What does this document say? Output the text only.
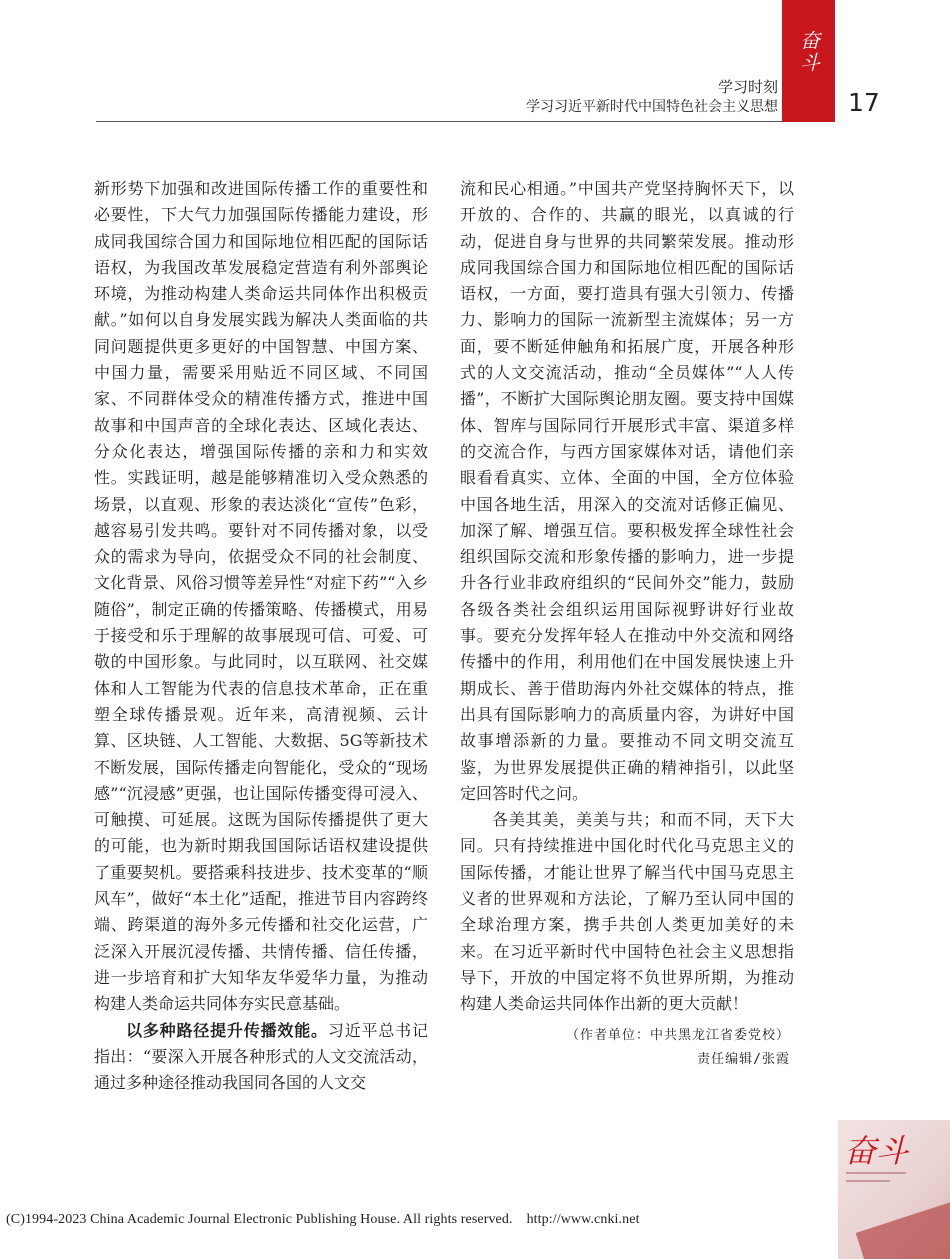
奋斗
学习时刻
学习习近平新时代中国特色社会主义思想	17

新形势下加强和改进国际传播工作的重要性和必要性，下大气力加强国际传播能力建设，形成同我国综合国力和国际地位相匹配的国际话语权，为我国改革发展稳定营造有利外部舆论环境，为推动构建人类命运共同体作出积极贡献。”如何以自身发展实践为解决人类面临的共同问题提供更多更好的中国智慧、中国方案、中国力量，需要采用贴近不同区域、不同国家、不同群体受众的精准传播方式，推进中国故事和中国声音的全球化表达、区域化表达、分众化表达，增强国际传播的亲和力和实效性。实践证明，越是能够精准切入受众熟悉的场景，以直观、形象的表达淡化“宣传”色彩，越容易引发共鸣。要针对不同传播对象，以受众的需求为导向，依据受众不同的社会制度、文化背景、风俗习惯等差异性“对症下药”“入乡随俗”，制定正确的传播策略、传播模式，用易于接受和乐于理解的故事展现可信、可爱、可敬的中国形象。与此同时，以互联网、社交媒体和人工智能为代表的信息技术革命，正在重塑全球传播景观。近年来，高清视频、云计算、区块链、人工智能、大数据、5G等新技术不断发展，国际传播走向智能化，受众的“现场感”“沉浸感”更强，也让国际传播变得可浸入、可触摸、可延展。这既为国际传播提供了更大的可能，也为新时期我国国际话语权建设提供了重要契机。要搭乘科技进步、技术变革的“顺风车”，做好“本土化”适配，推进节目内容跨终端、跨渠道的海外多元传播和社交化运营，广泛深入开展沉浸传播、共情传播、信任传播，进一步培育和扩大知华友华爱华力量，为推动构建人类命运共同体夯实民意基础。

以多种路径提升传播效能。习近平总书记指出：“要深入开展各种形式的人文交流活动，通过多种途径推动我国同各国的人文交

流和民心相通。”中国共产党坚持胸怀天下，以开放的、合作的、共赢的眼光，以真诚的行动，促进自身与世界的共同繁荣发展。推动形成同我国综合国力和国际地位相匹配的国际话语权，一方面，要打造具有强大引领力、传播力、影响力的国际一流新型主流媒体；另一方面，要不断延伸触角和拓展广度，开展各种形式的人文交流活动，推动“全员媒体”“人人传播”，不断扩大国际舆论朋友圈。要支持中国媒体、智库与国际同行开展形式丰富、渠道多样的交流合作，与西方国家媒体对话，请他们亲眼看看真实、立体、全面的中国，全方位体验中国各地生活，用深入的交流对话修正偏见、加深了解、增强互信。要积极发挥全球性社会组织国际交流和形象传播的影响力，进一步提升各行业非政府组织的“民间外交”能力，鼓励各级各类社会组织运用国际视野讲好行业故事。要充分发挥年轻人在推动中外交流和网络传播中的作用，利用他们在中国发展快速上升期成长、善于借助海内外社交媒体的特点，推出具有国际影响力的高质量内容，为讲好中国故事增添新的力量。要推动不同文明交流互鉴，为世界发展提供正确的精神指引，以此坚定回答时代之问。

各美其美，美美与共；和而不同，天下大同。只有持续推进中国化时代化马克思主义的国际传播，才能让世界了解当代中国马克思主义者的世界观和方法论，了解乃至认同中国的全球治理方案，携手共创人类更加美好的未来。在习近平新时代中国特色社会主义思想指导下，开放的中国定将不负世界所期，为推动构建人类命运共同体作出新的更大贡献！

（作者单位：中共黑龙江省委党校）
责任编辑/张霞
奋斗
(C)1994-2023 China Academic Journal Electronic Publishing House. All rights reserved. http://www.cnki.net
